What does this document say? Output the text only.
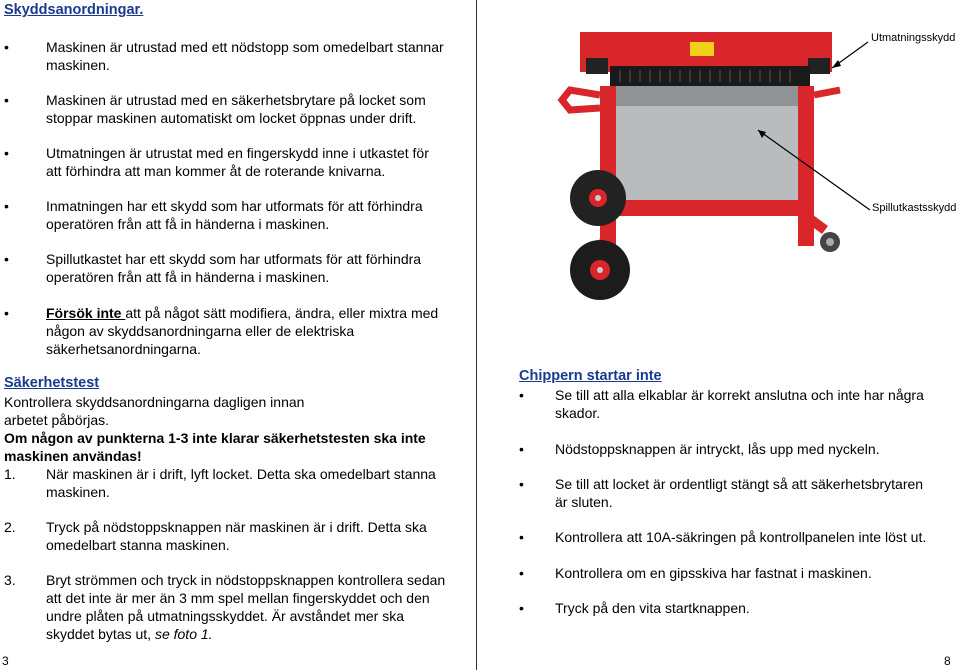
Skyddsanordningar.
•	Maskinen är utrustad med ett nödstopp som omedelbart stannar
maskinen.
•	Maskinen är utrustad med en säkerhetsbrytare på locket som
stoppar maskinen automatiskt om locket öppnas under drift.
•	Utmatningen är utrustat med en fingerskydd inne i utkastet för
att förhindra att man kommer åt de roterande knivarna.
•	Inmatningen har ett skydd som har utformats för att förhindra
operatören från att få in händerna i maskinen.
•	Spillutkastet har ett skydd som har utformats för att förhindra
operatören från att få in händerna i maskinen.
•	Försök inte att på något sätt modifiera, ändra, eller mixtra med
någon av skyddsanordningarna eller de elektriska
säkerhetsanordningarna.
Säkerhetstest
Kontrollera skyddsanordningarna dagligen innan
arbetet påbörjas.
Om någon av punkterna 1-3 inte klarar säkerhetstesten ska inte
maskinen användas!
1. När maskinen är i drift, lyft locket. Detta ska omedelbart stanna
maskinen.
2. Tryck på nödstoppsknappen när maskinen är i drift. Detta ska
omedelbart stanna maskinen.
3. Bryt strömmen och tryck in nödstoppsknappen kontrollera sedan
att det inte är mer än 3 mm spel mellan fingerskyddet och den
undre plåten på utmatningsskyddet. Är avståndet mer ska
skyddet bytas ut, se foto 1.
3
Utmatningsskydd
Spillutkastsskydd
Chippern startar inte
•	Se till att alla elkablar är korrekt anslutna och inte har några
skador.
•	Nödstoppsknappen är intryckt, lås upp med nyckeln.
•	Se till att locket är ordentligt stängt så att säkerhetsbrytaren
är sluten.
•	Kontrollera att 10A-säkringen på kontrollpanelen inte löst ut.
•	Kontrollera om en gipsskiva har fastnat i maskinen.
•	Tryck på den vita startknappen.
8
